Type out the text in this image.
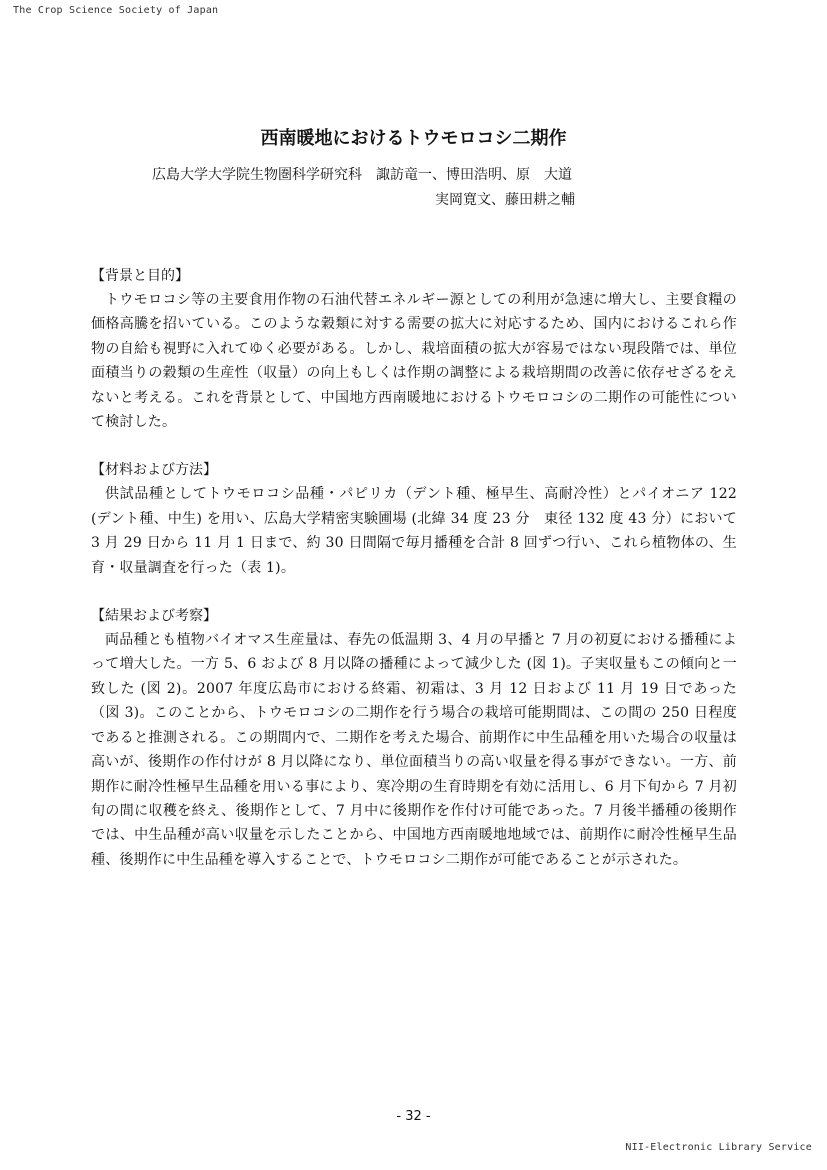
The Crop Science Society of Japan
西南暖地におけるトウモロコシ二期作
広島大学大学院生物圏科学研究科　諏訪竜一、博田浩明、原　大道
実岡寛文、藤田耕之輔
【背景と目的】

トウモロコシ等の主要食用作物の石油代替エネルギー源としての利用が急速に増大し、主要食糧の価格高騰を招いている。このような穀類に対する需要の拡大に対応するため、国内におけるこれら作物の自給も視野に入れてゆく必要がある。しかし、栽培面積の拡大が容易ではない現段階では、単位面積当りの穀類の生産性（収量）の向上もしくは作期の調整による栽培期間の改善に依存せざるをえないと考える。これを背景として、中国地方西南暖地におけるトウモロコシの二期作の可能性について検討した。

【材料および方法】

供試品種としてトウモロコシ品種・パピリカ（デント種、極早生、高耐冷性）とパイオニア 122 (デント種、中生) を用い、広島大学精密実験圃場 (北緯 34 度 23 分　東径 132 度 43 分）において 3 月 29 日から 11 月 1 日まで、約 30 日間隔で毎月播種を合計 8 回ずつ行い、これら植物体の、生育・収量調査を行った（表 1)。

【結果および考察】

両品種とも植物バイオマス生産量は、春先の低温期 3、4 月の早播と 7 月の初夏における播種によって増大した。一方 5、6 および 8 月以降の播種によって減少した (図 1)。子実収量もこの傾向と一致した (図 2)。2007 年度広島市における終霜、初霜は、3 月 12 日および 11 月 19 日であった（図 3)。このことから、トウモロコシの二期作を行う場合の栽培可能期間は、この間の 250 日程度であると推測される。この期間内で、二期作を考えた場合、前期作に中生品種を用いた場合の収量は高いが、後期作の作付けが 8 月以降になり、単位面積当りの高い収量を得る事ができない。一方、前期作に耐冷性極早生品種を用いる事により、寒冷期の生育時期を有効に活用し、6 月下旬から 7 月初旬の間に収穫を終え、後期作として、7 月中に後期作を作付け可能であった。7 月後半播種の後期作では、中生品種が高い収量を示したことから、中国地方西南暖地地域では、前期作に耐冷性極早生品種、後期作に中生品種を導入することで、トウモロコシ二期作が可能であることが示された。

- 32 -
NII-Electronic Library Service
